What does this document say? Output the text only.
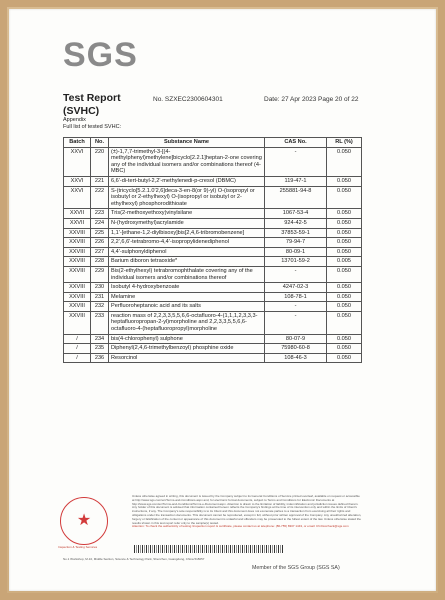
SGS
Test Report
(SVHC)
No. SZXEC2300604301	Date: 27 Apr 2023 Page 20 of 22
Appendix
Full list of tested SVHC:
Batch	No.	Substance Name	CAS No.	RL (%)
XXVI	220	(±)-1,7,7-trimethyl-3-[(4-methylphenyl)methylene]bicyclo[2.2.1]heptan-2-one covering any of the individual isomers and/or combinations thereof (4-MBC)	-	0.050
XXVI	221	6,6'-di-tert-butyl-2,2'-methylenedi-p-cresol (DBMC)	119-47-1	0.050
XXVI	222	S-(tricyclo[5.2.1.0'2,6]deca-3-en-8(or 9)-yl) O-(isopropyl or isobutyl or 2-ethylhexyl) O-(isopropyl or isobutyl or 2-ethylhexyl) phosphorodithioate	255881-94-8	0.050
XXVII	223	Tris(2-methoxyethoxy)vinylsilane	1067-53-4	0.050
XXVII	224	N-(hydroxymethyl)acrylamide	924-42-5	0.050
XXVIII	225	1,1'-[ethane-1,2-diylbisoxy]bis[2,4,6-tribromobenzene]	37853-59-1	0.050
XXVIII	226	2,2',6,6'-tetrabromo-4,4'-isopropylidenediphenol	79-94-7	0.050
XXVIII	227	4,4'-sulphonyldiphenol	80-09-1	0.050
XXVIII	228	Barium diboron tetraoxide*	13701-59-2	0.005
XXVIII	229	Bis(2-ethylhexyl) tetrabromophthalate covering any of the individual isomers and/or combinations thereof	-	0.050
XXVIII	230	Isobutyl 4-hydroxybenzoate	4247-02-3	0.050
XXVIII	231	Melamine	108-78-1	0.050
XXVIII	232	Perfluoroheptanoic acid and its salts	-	0.050
XXVIII	233	reaction mass of 2,2,3,3,5,5,6,6-octafluoro-4-(1,1,1,2,3,3,3-heptafluoropropan-2-yl)morpholine and 2,2,3,3,5,5,6,6-octafluoro-4-(heptafluoropropyl)morpholine	-	0.050
/	234	bis(4-chlorophenyl) sulphone	80-07-9	0.050
/	235	Diphenyl(2,4,6-trimethylbenzoyl) phosphine oxide	75980-60-8	0.050
/	236	Resorcinol	108-46-3	0.050
★
Inspection & Testing Services
Unless otherwise agreed in writing, this document is issued by the Company subject to its General Conditions of Service printed overleaf, available on request or accessible at http://www.sgs.com/en/Terms-and-Conditions.aspx and, for electronic format documents, subject to Terms and Conditions for Electronic Documents at http://www.sgs.com/en/Terms-and-Conditions/Terms-e-Document.aspx. Attention is drawn to the limitation of liability, indemnification and jurisdiction issues defined therein. Any holder of this document is advised that information contained hereon reflects the Company's findings at the time of its intervention only and within the limits of Client's instructions, if any. The Company's sole responsibility is to its Client and this document does not exonerate parties to a transaction from exercising all their rights and obligations under the transaction documents. This document cannot be reproduced, except in full, without prior written approval of the Company. Any unauthorized alteration, forgery or falsification of the content or appearance of this document is unlawful and offenders may be prosecuted to the fullest extent of the law. Unless otherwise stated the results shown in this test report refer only to the sample(s) tested.
Attention: To check the authenticity of testing /inspection report & certificate, please contact us at telephone: (86-755) 8307 1443, or email: CN.Doccheck@sgs.com
No.1 Workshop, M-10, Middle Section, Science & Technology Park, Shenzhen, Guangdong, China 518057
Member of the SGS Group (SGS SA)
